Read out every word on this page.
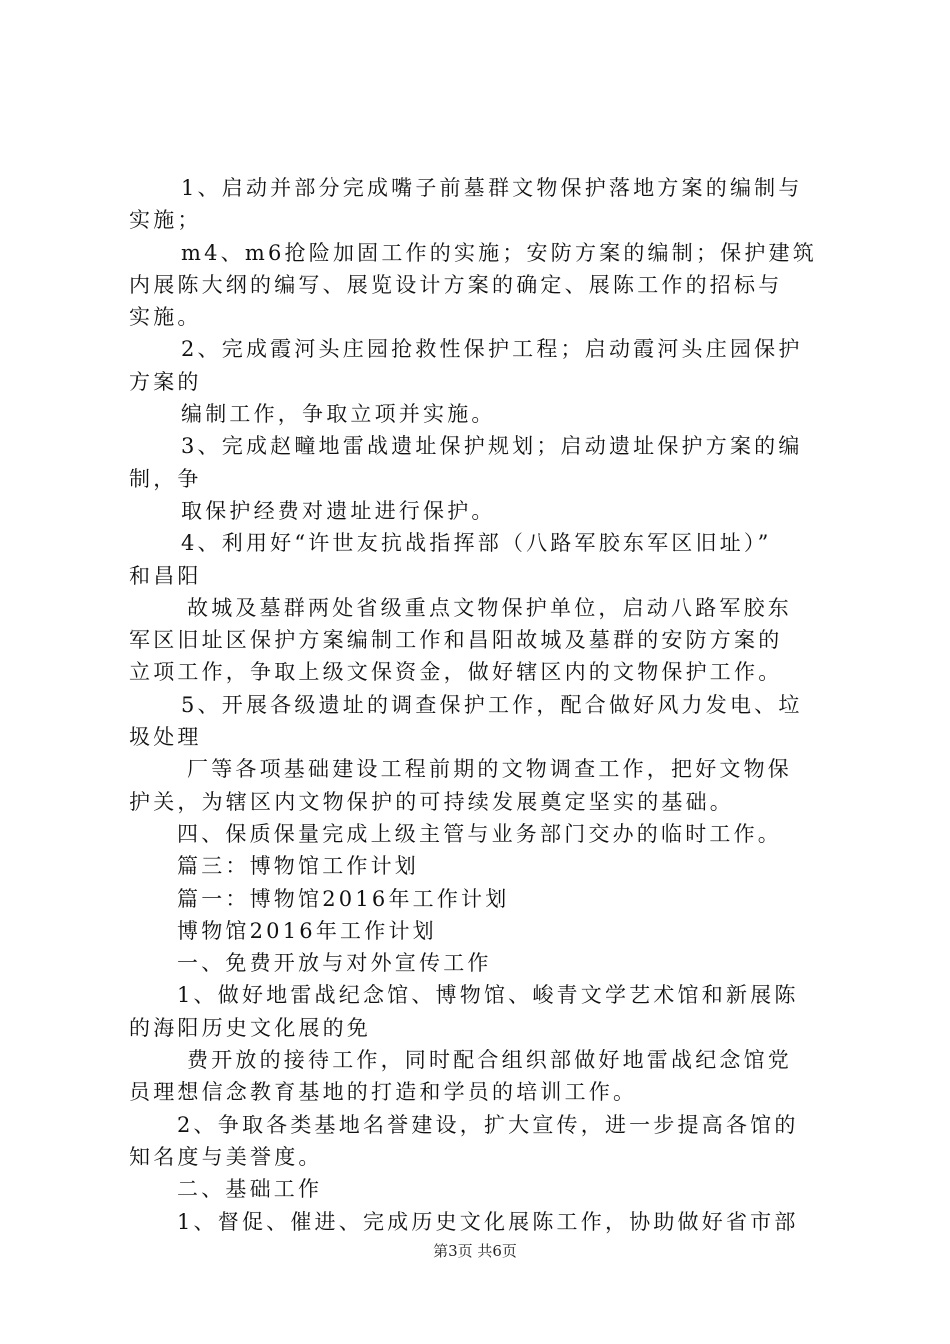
1、启动并部分完成嘴子前墓群文物保护落地方案的编制与
实施；
m4、m6抢险加固工作的实施；安防方案的编制；保护建筑
内展陈大纲的编写、展览设计方案的确定、展陈工作的招标与
实施。
2、完成霞河头庄园抢救性保护工程；启动霞河头庄园保护
方案的
编制工作，争取立项并实施。
3、完成赵疃地雷战遗址保护规划；启动遗址保护方案的编
制，争
取保护经费对遗址进行保护。
4、利用好“许世友抗战指挥部（八路军胶东军区旧址）”
和昌阳
故城及墓群两处省级重点文物保护单位，启动八路军胶东
军区旧址区保护方案编制工作和昌阳故城及墓群的安防方案的
立项工作，争取上级文保资金，做好辖区内的文物保护工作。
5、开展各级遗址的调查保护工作，配合做好风力发电、垃
圾处理
厂等各项基础建设工程前期的文物调查工作，把好文物保
护关，为辖区内文物保护的可持续发展奠定坚实的基础。
四、保质保量完成上级主管与业务部门交办的临时工作。
篇三：博物馆工作计划
篇一：博物馆2016年工作计划
博物馆2016年工作计划
一、免费开放与对外宣传工作
1、做好地雷战纪念馆、博物馆、峻青文学艺术馆和新展陈
的海阳历史文化展的免
费开放的接待工作，同时配合组织部做好地雷战纪念馆党
员理想信念教育基地的打造和学员的培训工作。
2、争取各类基地名誉建设，扩大宣传，进一步提高各馆的
知名度与美誉度。
二、基础工作
1、督促、催进、完成历史文化展陈工作，协助做好省市部
第3页 共6页
